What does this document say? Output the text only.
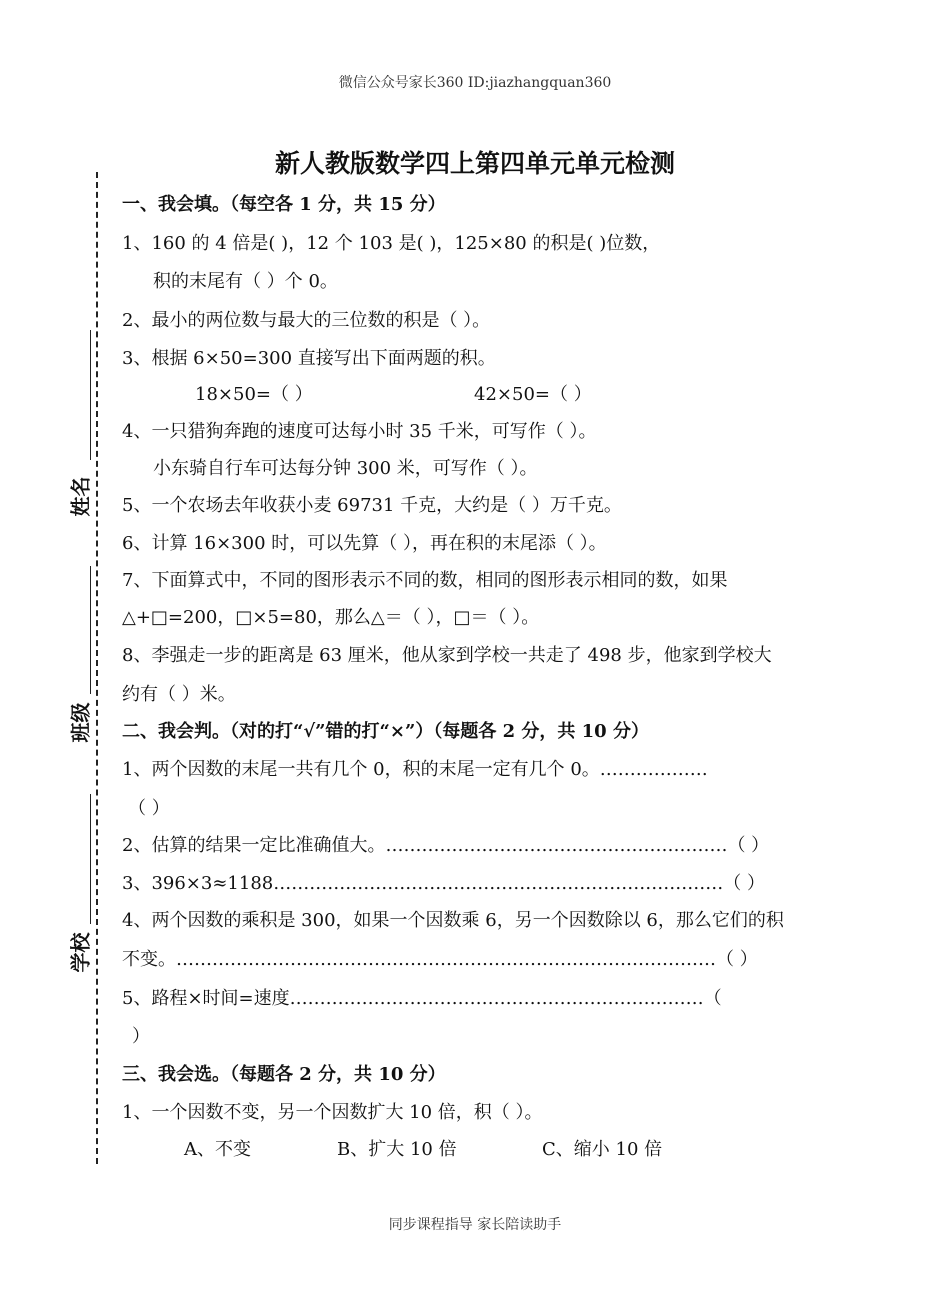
微信公众号家长360 ID:jiazhangquan360
新人教版数学四上第四单元单元检测
姓名
班级
学校
一、我会填。（每空各 1 分，共 15 分）
1、160 的 4 倍是( )，12 个 103 是( )，125×80 的积是( )位数，
积的末尾有（ ）个 0。
2、最小的两位数与最大的三位数的积是（ ）。
3、根据 6×50=300 直接写出下面两题的积。
18×50=（ ）	42×50=（ ）
4、一只猎狗奔跑的速度可达每小时 35 千米，可写作（ ）。
小东骑自行车可达每分钟 300 米，可写作（ ）。
5、一个农场去年收获小麦 69731 千克，大约是（ ）万千克。
6、计算 16×300 时，可以先算（ ），再在积的末尾添（ ）。
7、下面算式中，不同的图形表示不同的数，相同的图形表示相同的数，如果
△+□=200，□×5=80，那么△＝（ ），□＝（ ）。
8、李强走一步的距离是 63 厘米，他从家到学校一共走了 498 步，他家到学校大
约有（ ）米。
二、我会判。（对的打“√”错的打“×”）（每题各 2 分，共 10 分）
1、两个因数的末尾一共有几个 0，积的末尾一定有几个 0。………………
（ ）
2、估算的结果一定比准确值大。…………………………………………………（ ）
3、396×3≈1188…………………………………………………………………（ ）
4、两个因数的乘积是 300，如果一个因数乘 6，另一个因数除以 6，那么它们的积
不变。………………………………………………………………………………（ ）
5、路程×时间=速度……………………………………………………………（
）
三、我会选。（每题各 2 分，共 10 分）
1、一个因数不变，另一个因数扩大 10 倍，积（ ）。
A、不变	B、扩大 10 倍	C、缩小 10 倍
同步课程指导 家长陪读助手
